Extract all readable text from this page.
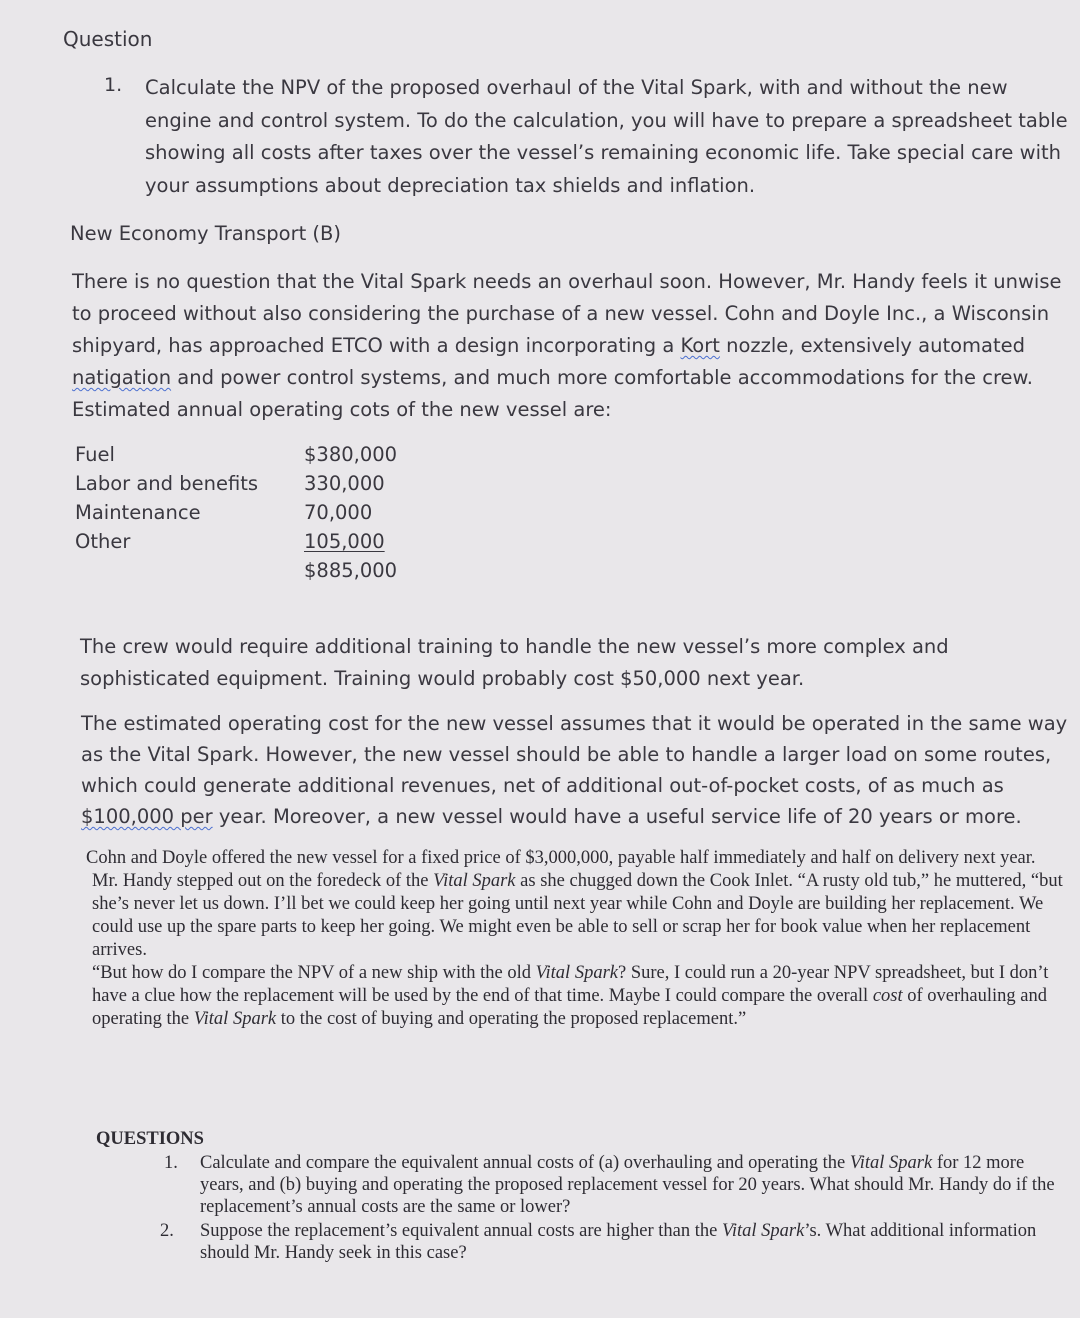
Question
1. Calculate the NPV of the proposed overhaul of the Vital Spark, with and without the new engine and control system. To do the calculation, you will have to prepare a spreadsheet table showing all costs after taxes over the vessel’s remaining economic life. Take special care with your assumptions about depreciation tax shields and inflation.
New Economy Transport (B)
There is no question that the Vital Spark needs an overhaul soon. However, Mr. Handy feels it unwise to proceed without also considering the purchase of a new vessel. Cohn and Doyle Inc., a Wisconsin shipyard, has approached ETCO with a design incorporating a Kort nozzle, extensively automated natigation and power control systems, and much more comfortable accommodations for the crew. Estimated annual operating cots of the new vessel are:
Fuel	$380,000
Labor and benefits 330,000
Maintenance	70,000
Other	105,000
$885,000
The crew would require additional training to handle the new vessel’s more complex and sophisticated equipment. Training would probably cost $50,000 next year.
The estimated operating cost for the new vessel assumes that it would be operated in the same way as the Vital Spark. However, the new vessel should be able to handle a larger load on some routes, which could generate additional revenues, net of additional out-of-pocket costs, of as much as $100,000 per year. Moreover, a new vessel would have a useful service life of 20 years or more.

Cohn and Doyle offered the new vessel for a fixed price of $3,000,000, payable half immediately and half on delivery next year.

Mr. Handy stepped out on the foredeck of the Vital Spark as she chugged down the Cook Inlet. “A rusty old tub,” he muttered, “but she’s never let us down. I’ll bet we could keep her going until next year while Cohn and Doyle are building her replacement. We could use up the spare parts to keep her going. We might even be able to sell or scrap her for book value when her replacement arrives.

“But how do I compare the NPV of a new ship with the old Vital Spark? Sure, I could run a 20-year NPV spreadsheet, but I don’t have a clue how the replacement will be used by the end of that time. Maybe I could compare the overall cost of overhauling and operating the Vital Spark to the cost of buying and operating the proposed replacement.”

QUESTIONS
1. Calculate and compare the equivalent annual costs of (a) overhauling and operating the Vital Spark for 12 more years, and (b) buying and operating the proposed replacement vessel for 20 years. What should Mr. Handy do if the replacement’s annual costs are the same or lower?
2. Suppose the replacement’s equivalent annual costs are higher than the Vital Spark’s. What additional information should Mr. Handy seek in this case?
